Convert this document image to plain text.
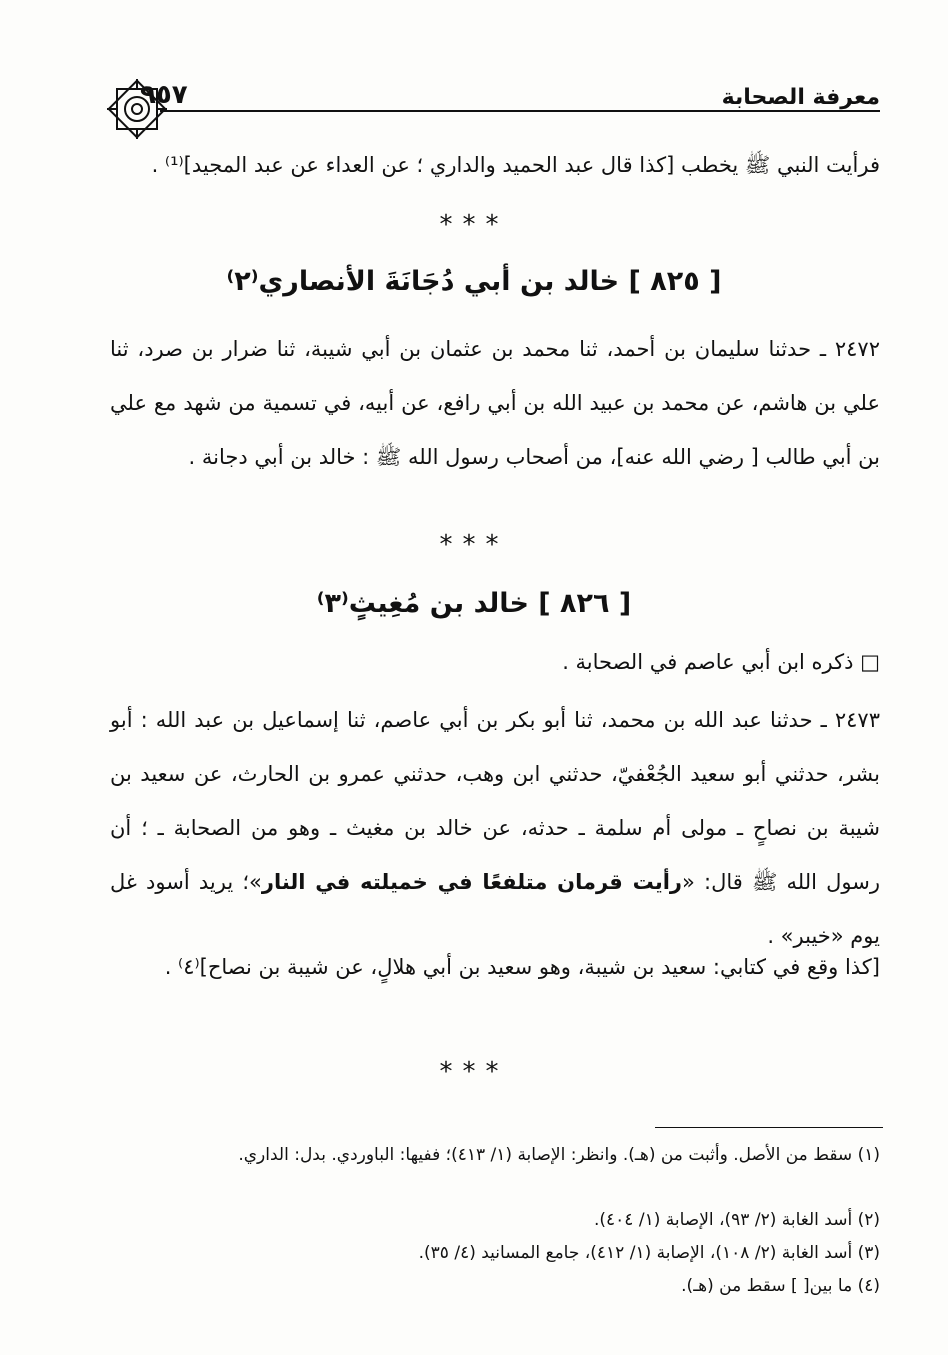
معرفة الصحابة
٩٥٧
فرأيت النبي ﷺ يخطب [كذا قال عبد الحميد والداري ؛ عن العداء عن عبد المجيد]⁽¹⁾ .
***
[ ٨٢٥ ] خالد بن أبي دُجَانَةَ الأنصاري⁽٢⁾
٢٤٧٢ ـ حدثنا سليمان بن أحمد، ثنا محمد بن عثمان بن أبي شيبة، ثنا ضرار بن صرد، ثنا علي بن هاشم، عن محمد بن عبيد الله بن أبي رافع، عن أبيه، في تسمية من شهد مع علي بن أبي طالب [ رضي الله عنه]، من أصحاب رسول الله ﷺ : خالد بن أبي دجانة .
***
[ ٨٢٦ ] خالد بن مُغِيثٍ⁽٣⁾
□ ذكره ابن أبي عاصم في الصحابة .
٢٤٧٣ ـ حدثنا عبد الله بن محمد، ثنا أبو بكر بن أبي عاصم، ثنا إسماعيل بن عبد الله : أبو بشر، حدثني أبو سعيد الجُعْفيّ، حدثني ابن وهب، حدثني عمرو بن الحارث، عن سعيد بن شيبة بن نصاحٍ ـ مولى أم سلمة ـ حدثه، عن خالد بن مغيث ـ وهو من الصحابة ـ ؛ أن رسول الله ﷺ قال: «رأيت قرمان متلفعًا في خميلته في النار»؛ يريد أسود غل يوم «خيبر» .
[كذا وقع في كتابي: سعيد بن شيبة، وهو سعيد بن أبي هلالٍ، عن شيبة بن نصاح]⁽٤⁾ .
***
(١) سقط من الأصل. وأثبت من (هـ). وانظر: الإصابة (١/ ٤١٣)؛ ففيها: الباوردي. بدل: الداري.
(٢) أسد الغابة (٢/ ٩٣)، الإصابة (١/ ٤٠٤).
(٣) أسد الغابة (٢/ ١٠٨)، الإصابة (١/ ٤١٢)، جامع المسانيد (٤/ ٣٥).
(٤) ما بين[ ] سقط من (هـ).
